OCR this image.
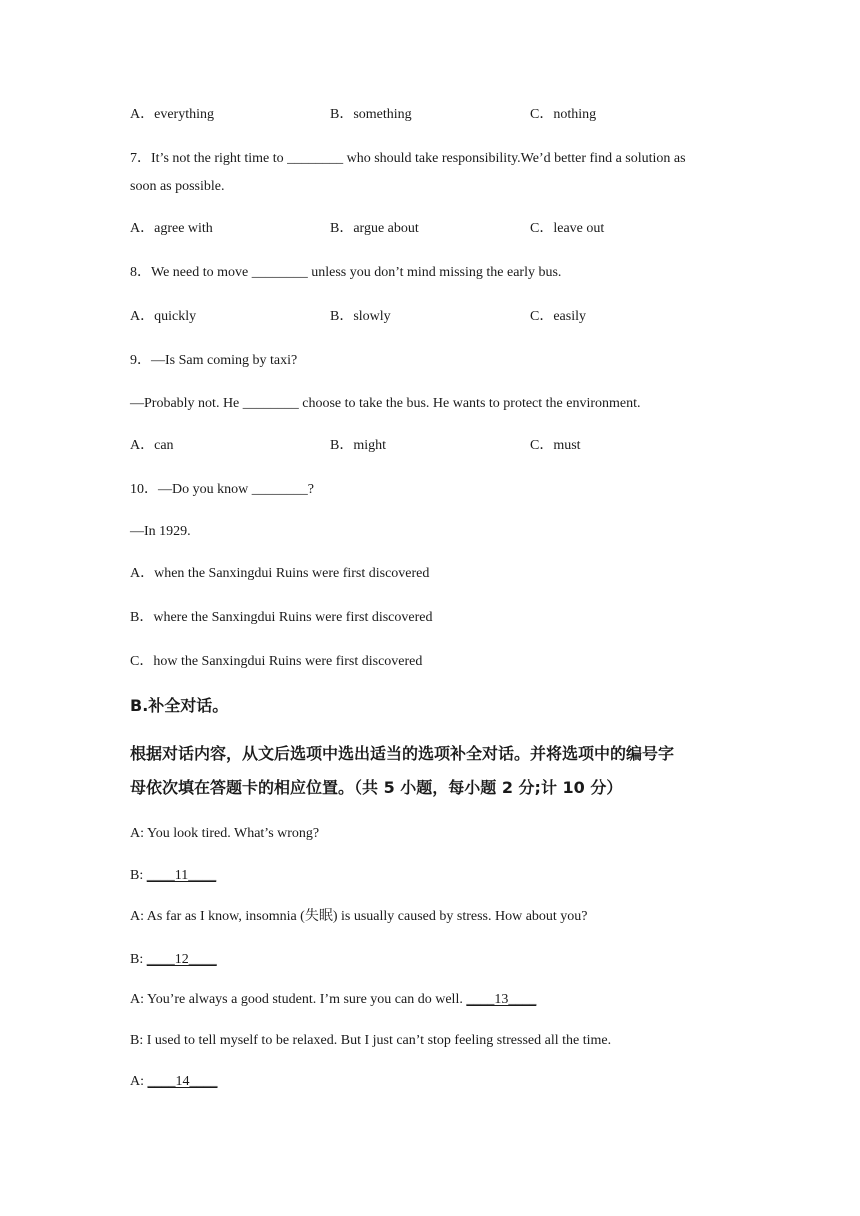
A．everything	B．something	C．nothing
7．It’s not the right time to ________ who should take responsibility.We’d better find a solution as
soon as possible.
A．agree with	B．argue about	C．leave out
8．We need to move ________ unless you don’t mind missing the early bus.
A．quickly	B．slowly	C．easily
9．—Is Sam coming by taxi?
—Probably not. He ________ choose to take the bus. He wants to protect the environment.
A．can	B．might	C．must
10．—Do you know ________?
—In 1929.
A．when the Sanxingdui Ruins were first discovered
B．where the Sanxingdui Ruins were first discovered
C．how the Sanxingdui Ruins were first discovered
B.补全对话。
根据对话内容，从文后选项中选出适当的选项补全对话。并将选项中的编号字
母依次填在答题卡的相应位置。（共 5 小题，每小题 2 分;计 10 分）
A: You look tired. What’s wrong?
B: ____11____
A: As far as I know, insomnia (失眠) is usually caused by stress. How about you?
B: ____12____
A: You’re always a good student. I’m sure you can do well. ____13____
B: I used to tell myself to be relaxed. But I just can’t stop feeling stressed all the time.
A: ____14____
